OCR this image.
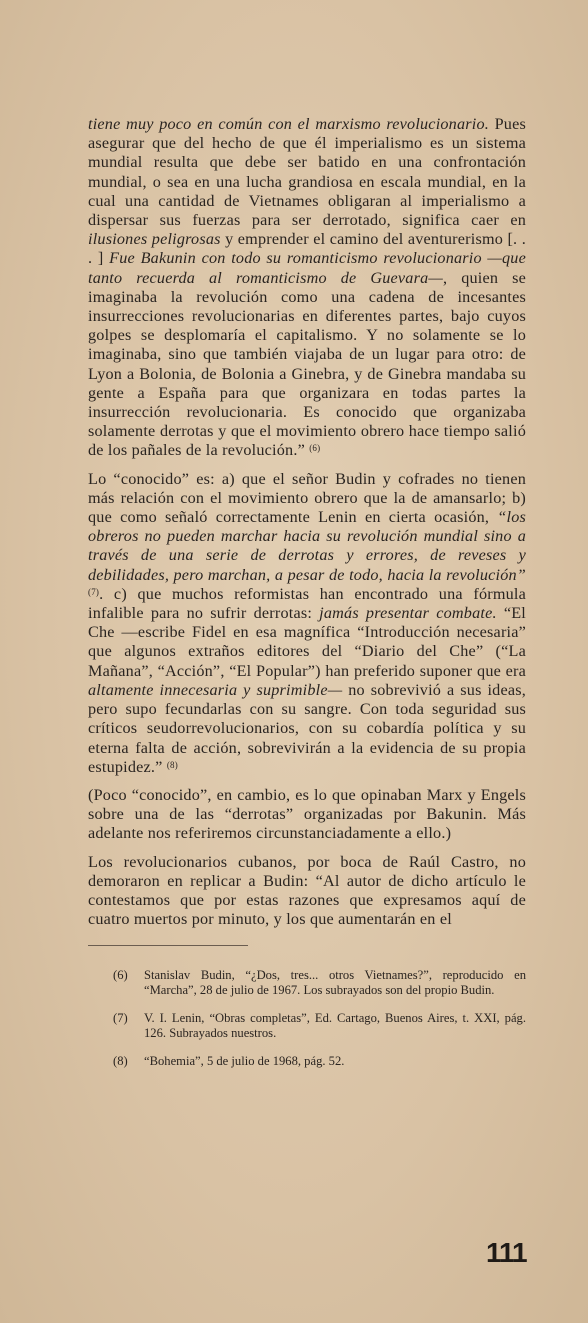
tiene muy poco en común con el marxismo revolucionario. Pues asegurar que del hecho de que él imperialismo es un sistema mundial resulta que debe ser batido en una confrontación mundial, o sea en una lucha grandiosa en escala mundial, en la cual una cantidad de Vietnames obligaran al imperialismo a dispersar sus fuerzas para ser derrotado, significa caer en ilusiones peligrosas y emprender el camino del aventurerismo [. . . ] Fue Bakunin con todo su romanticismo revolucionario —que tanto recuerda al romanticismo de Guevara—, quien se imaginaba la revolución como una cadena de incesantes insurrecciones revolucionarias en diferentes partes, bajo cuyos golpes se desplomaría el capitalismo. Y no solamente se lo imaginaba, sino que también viajaba de un lugar para otro: de Lyon a Bolonia, de Bolonia a Ginebra, y de Ginebra mandaba su gente a España para que organizara en todas partes la insurrección revolucionaria. Es conocido que organizaba solamente derrotas y que el movimiento obrero hace tiempo salió de los pañales de la revolución.” $^{(6)}$

Lo “conocido” es: a) que el señor Budin y cofrades no tienen más relación con el movimiento obrero que la de amansarlo; b) que como señaló correctamente Lenin en cierta ocasión, “los obreros no pueden marchar hacia su revolución mundial sino a través de una serie de derrotas y errores, de reveses y debilidades, pero marchan, a pesar de todo, hacia la revolución” $^{(7)}$. c) que muchos reformistas han encontrado una fórmula infalible para no sufrir derrotas: jamás presentar combate. “El Che —escribe Fidel en esa magnífica “Introducción necesaria” que algunos extraños editores del “Diario del Che” (“La Mañana”, “Acción”, “El Popular”) han preferido suponer que era altamente innecesaria y suprimible— no sobrevivió a sus ideas, pero supo fecundarlas con su sangre. Con toda seguridad sus críticos seudorrevolucionarios, con su cobardía política y su eterna falta de acción, sobrevivirán a la evidencia de su propia estupidez.” $^{(8)}$

(Poco “conocido”, en cambio, es lo que opinaban Marx y Engels sobre una de las “derrotas” organizadas por Bakunin. Más adelante nos referiremos circunstanciadamente a ello.)

Los revolucionarios cubanos, por boca de Raúl Castro, no demoraron en replicar a Budin: “Al autor de dicho artículo le contestamos que por estas razones que expresamos aquí de cuatro muertos por minuto, y los que aumentarán en el

(6)	Stanislav Budin, “¿Dos, tres... otros Vietnames?”, reproducido en “Marcha”, 28 de julio de 1967. Los subrayados son del propio Budin.

(7)	V. I. Lenin, “Obras completas”, Ed. Cartago, Buenos Aires, t. XXI, pág. 126. Subrayados nuestros.

(8)	“Bohemia”, 5 de julio de 1968, pág. 52.

111
